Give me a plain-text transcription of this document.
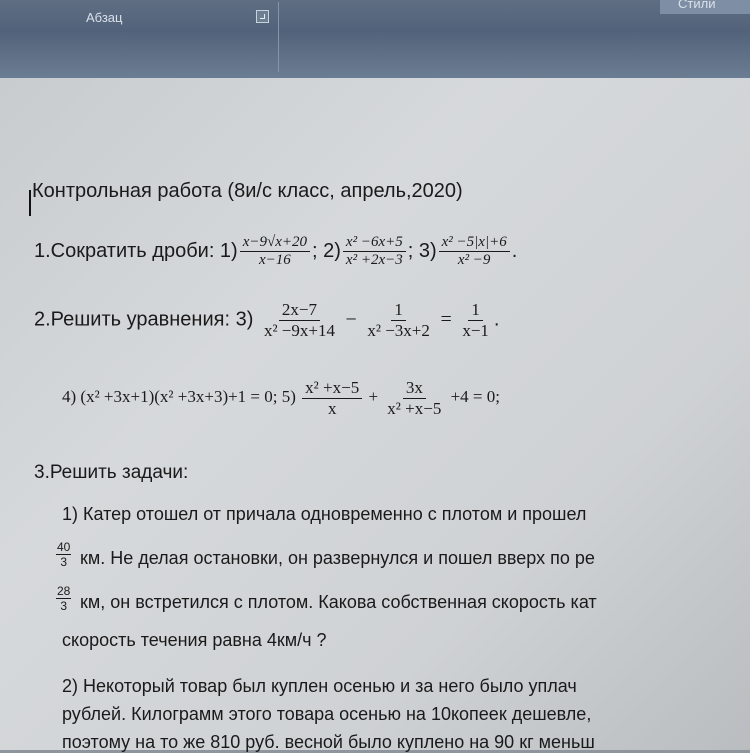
Абзац
Стили
Контрольная работа (8и/с класс, апрель,2020)
1.Сократить дроби: $1) \frac{x-9√x+20}{x-16}$ ; $2) \frac{\text{x² −6x+5}}{\text{x² +2x−3}}$ ; $3) \frac{\text{x² −5|x|+6}}{\text{x² −9}}$ .
2.Решить уравнения: $3) \frac{2x-7}{\text{x² −9x+14}} - \frac{1}{\text{x² −3x+2}} = \frac{1}{x-1}$ .
4) (x² +3x+1)(x² +3x+3)+1 = 0; $5) \frac{\text{x² +x−5}}{x} + \frac{3x}{\text{x² +x−5}} +4 = 0$;
3.Решить задачи:
1) Катер отошел от причала одновременно с плотом и прошел
$\frac{40}{3}$ км. Не делая остановки, он развернулся и пошел вверх по ре
$\frac{28}{3}$ км, он встретился с плотом. Какова собственная скорость кат
скорость течения равна 4км/ч ?
2) Некоторый товар был куплен осенью и за него было уплач
рублей. Килограмм этого товара осенью на 10копеек дешевле,
поэтому на то же 810 руб. весной было куплено на 90 кг меньш
